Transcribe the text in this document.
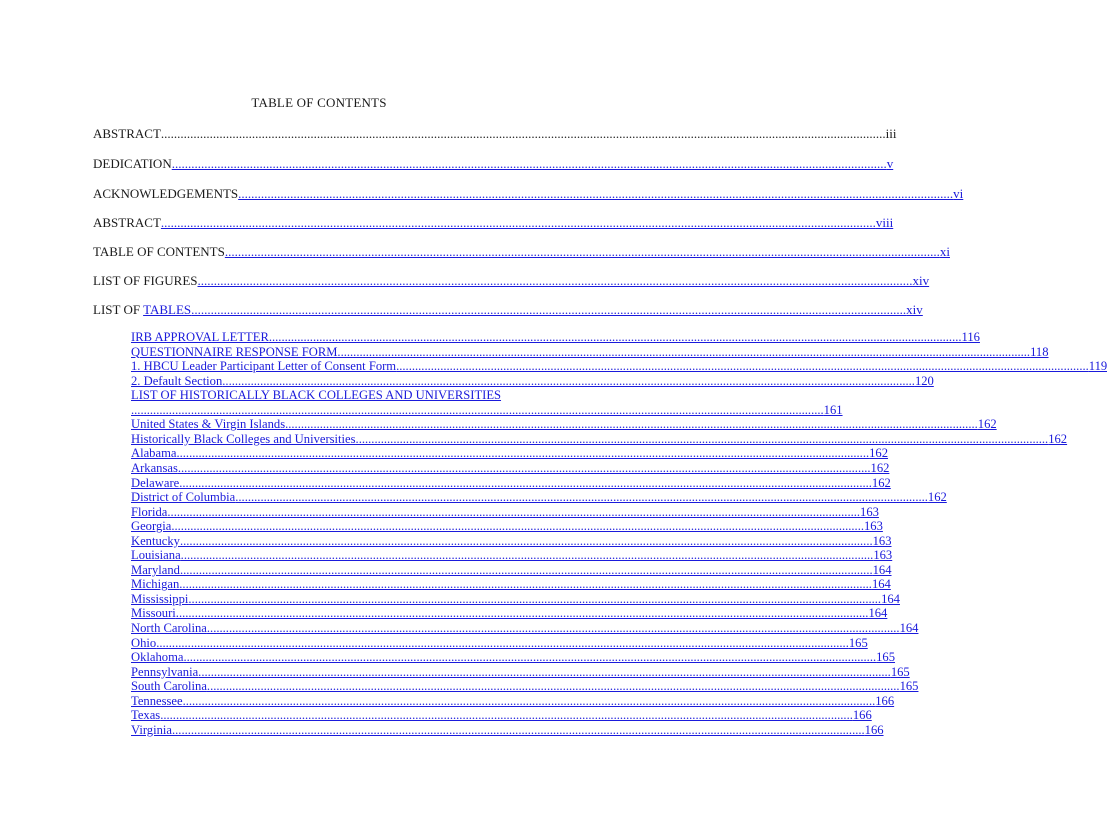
TABLE OF CONTENTS
ABSTRACT ............................................................................................................................................................................................................................ ...iii
DEDICATION ............................................................................................................................................................................................................................ v
ACKNOWLEDGEMENTS ............................................................................................................................................................................................................................ vi
ABSTRACT ............................................................................................................................................................................................................................ viii
TABLE OF CONTENTS ............................................................................................................................................................................................................................ xi
LIST OF FIGURES ............................................................................................................................................................................................................................ xiv
LIST OF TABLES ............................................................................................................................................................................................................................ xiv
IRB APPROVAL LETTER ............................................................................................................................................................................................................................ 116
QUESTIONNAIRE RESPONSE FORM ............................................................................................................................................................................................................................ 118
1. HBCU Leader Participant Letter of Consent Form ............................................................................................................................................................................................................................ 119
2. Default Section ............................................................................................................................................................................................................................ 120
LIST OF HISTORICALLY BLACK COLLEGES AND UNIVERSITIES
............................................................................................................................................................................................................................ 161
United States & Virgin Islands ............................................................................................................................................................................................................................ 162
Historically Black Colleges and Universities ............................................................................................................................................................................................................................ 162
Alabama ............................................................................................................................................................................................................................ 162
Arkansas ............................................................................................................................................................................................................................ 162
Delaware ............................................................................................................................................................................................................................ 162
District of Columbia ............................................................................................................................................................................................................................ 162
Florida ............................................................................................................................................................................................................................ 163
Georgia ............................................................................................................................................................................................................................ 163
Kentucky ............................................................................................................................................................................................................................ 163
Louisiana ............................................................................................................................................................................................................................ 163
Maryland ............................................................................................................................................................................................................................ 164
Michigan ............................................................................................................................................................................................................................ 164
Mississippi ............................................................................................................................................................................................................................ 164
Missouri ............................................................................................................................................................................................................................ 164
North Carolina ............................................................................................................................................................................................................................ 164
Ohio ............................................................................................................................................................................................................................ 165
Oklahoma ............................................................................................................................................................................................................................ 165
Pennsylvania ............................................................................................................................................................................................................................ 165
South Carolina ............................................................................................................................................................................................................................ 165
Tennessee ............................................................................................................................................................................................................................ 166
Texas ............................................................................................................................................................................................................................ 166
Virginia ............................................................................................................................................................................................................................ 166
